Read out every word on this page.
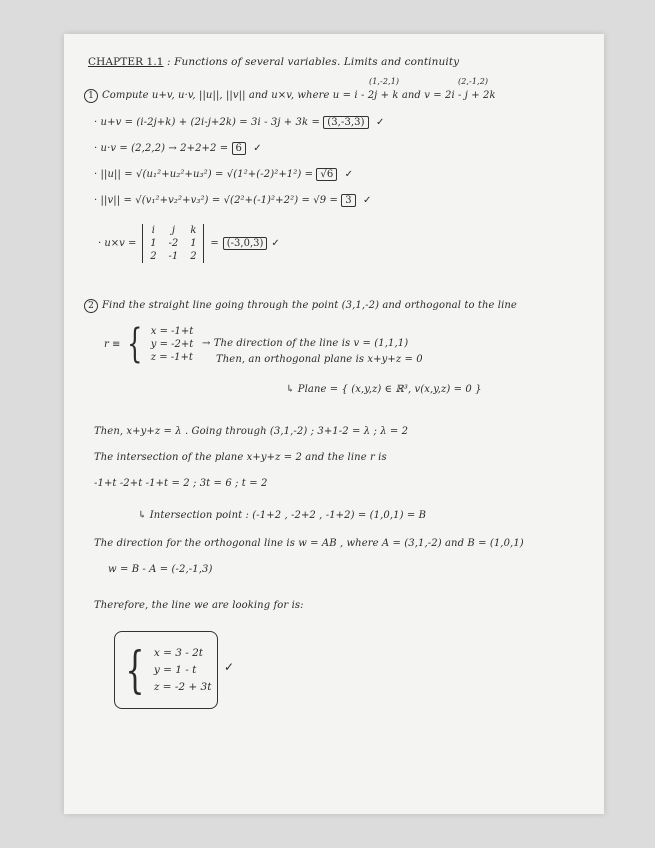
CHAPTER 1.1 : Functions of several variables. Limits and continuity
(1,-2,1)	(2,-1,2)
1 Compute u+v, u·v, ||u||, ||v|| and u×v, where u = i - 2j + k and v = 2i - j + 2k
· u+v = (i-2j+k) + (2i-j+2k) = 3i - 3j + 3k = (3,-3,3) ✓
· u·v = (2,2,2) → 2+2+2 = 6 ✓
· ||u|| = √(u₁²+u₂²+u₃²) = √(1²+(-2)²+1²) = √6 ✓
· ||v|| = √(v₁²+v₂²+v₃²) = √(2²+(-1)²+2²) = √9 = 3 ✓
· u×v =
i	j	k
1 -2 1
2 -1 2
= (-3,0,3) ✓
2 Find the straight line going through the point (3,1,-2) and orthogonal to the line
r ≡ { x = -1+t
y = -2+t
z = -1+t
→ The direction of the line is v = (1,1,1)
Then, an orthogonal plane is x+y+z = 0
↳ Plane = { (x,y,z) ∈ ℝ³, v(x,y,z) = 0 }
Then, x+y+z = λ . Going through (3,1,-2) ; 3+1-2 = λ ; λ = 2
The intersection of the plane x+y+z = 2 and the line r is
-1+t -2+t -1+t = 2 ; 3t = 6 ; t = 2
↳ Intersection point : (-1+2 , -2+2 , -1+2) = (1,0,1) = B
The direction for the orthogonal line is w = AB , where A = (3,1,-2) and B = (1,0,1)
w = B - A = (-2,-1,3)
Therefore, the line we are looking for is:
{ x = 3 - 2t
y = 1 - t
z = -2 + 3t
✓
